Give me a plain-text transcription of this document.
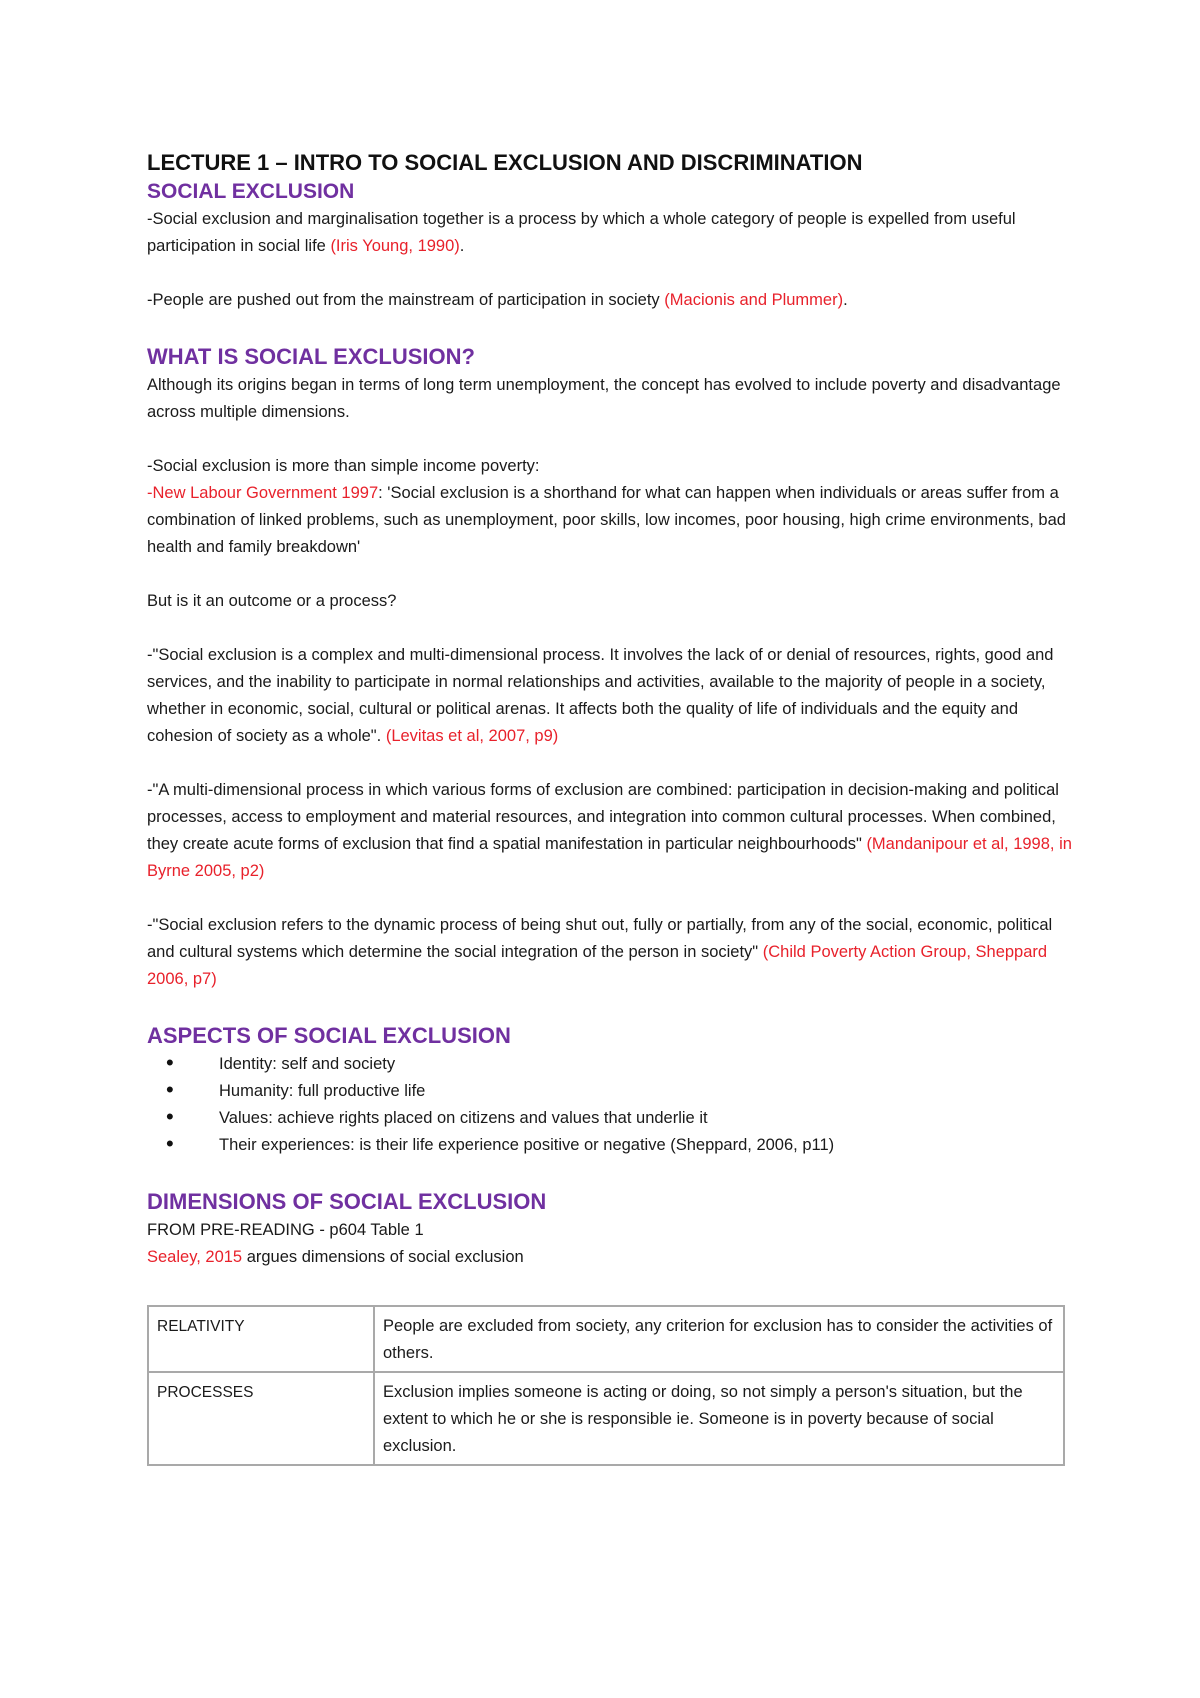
LECTURE 1 – INTRO TO SOCIAL EXCLUSION AND DISCRIMINATION
SOCIAL EXCLUSION

-Social exclusion and marginalisation together is a process by which a whole category of people is expelled from useful participation in social life (Iris Young, 1990).

-People are pushed out from the mainstream of participation in society (Macionis and Plummer).

WHAT IS SOCIAL EXCLUSION?

Although its origins began in terms of long term unemployment, the concept has evolved to include poverty and disadvantage across multiple dimensions.

-Social exclusion is more than simple income poverty:

-New Labour Government 1997: 'Social exclusion is a shorthand for what can happen when individuals or areas suffer from a combination of linked problems, such as unemployment, poor skills, low incomes, poor housing, high crime environments, bad health and family breakdown'

But is it an outcome or a process?

-"Social exclusion is a complex and multi-dimensional process. It involves the lack of or denial of resources, rights, good and services, and the inability to participate in normal relationships and activities, available to the majority of people in a society, whether in economic, social, cultural or political arenas. It affects both the quality of life of individuals and the equity and cohesion of society as a whole". (Levitas et al, 2007, p9)

-"A multi-dimensional process in which various forms of exclusion are combined: participation in decision-making and political processes, access to employment and material resources, and integration into common cultural processes. When combined, they create acute forms of exclusion that find a spatial manifestation in particular neighbourhoods" (Mandanipour et al, 1998, in Byrne 2005, p2)

-"Social exclusion refers to the dynamic process of being shut out, fully or partially, from any of the social, economic, political and cultural systems which determine the social integration of the person in society" (Child Poverty Action Group, Sheppard 2006, p7)

ASPECTS OF SOCIAL EXCLUSION
• Identity: self and society
• Humanity: full productive life
• Values: achieve rights placed on citizens and values that underlie it
• Their experiences: is their life experience positive or negative (Sheppard, 2006, p11)
DIMENSIONS OF SOCIAL EXCLUSION

FROM PRE-READING - p604 Table 1

Sealey, 2015 argues dimensions of social exclusion

RELATIVITY	People are excluded from society, any criterion for exclusion has to consider the activities of others.
PROCESSES	Exclusion implies someone is acting or doing, so not simply a person's situation, but the extent to which he or she is responsible ie. Someone is in poverty because of social exclusion.
